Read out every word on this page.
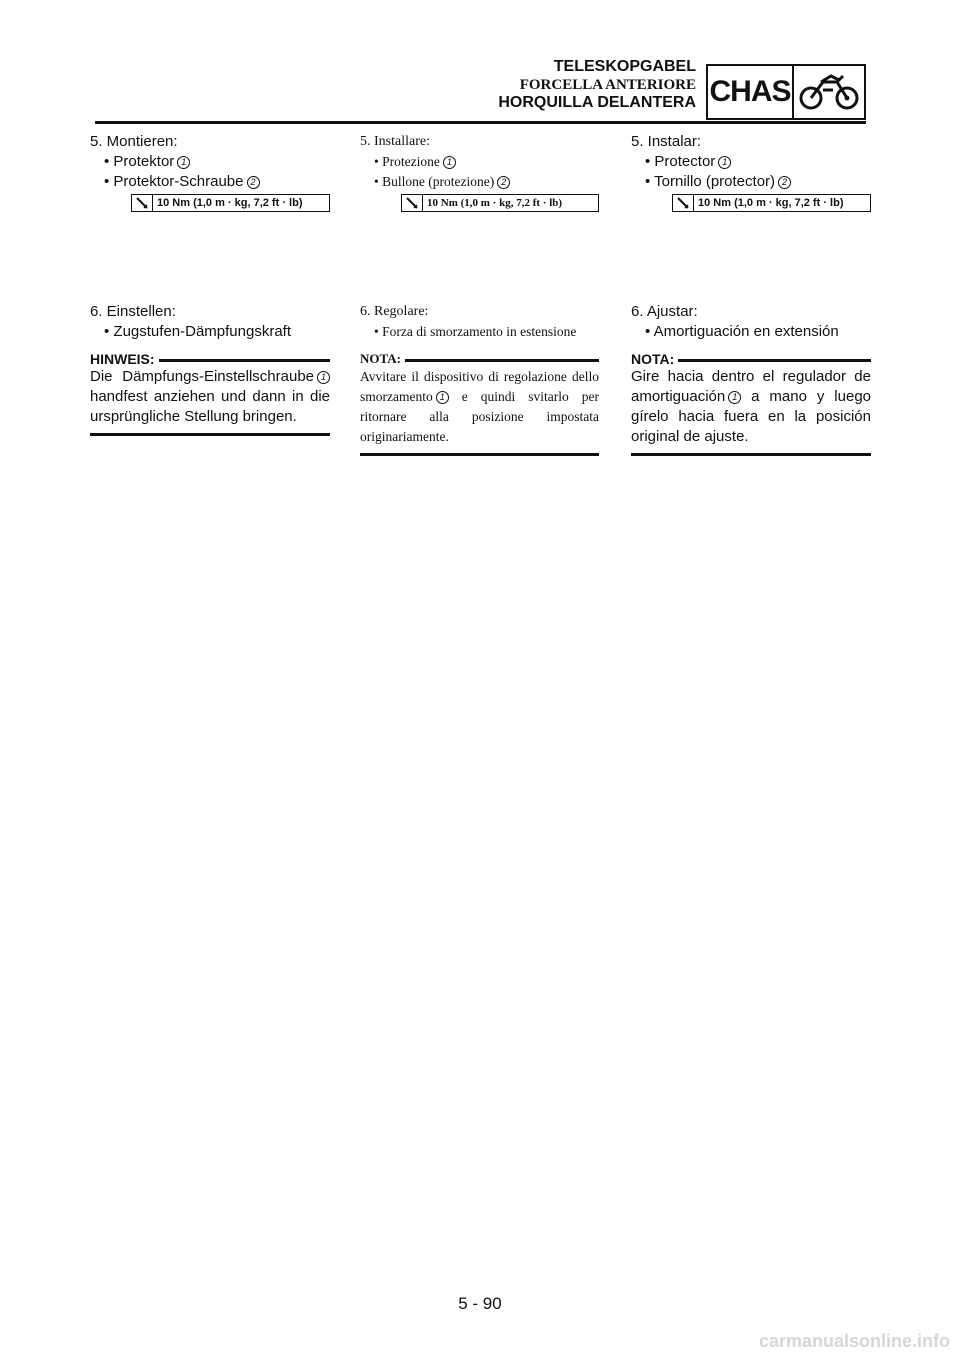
TELESKOPGABEL
FORCELLA ANTERIORE
HORQUILLA DELANTERA CHAS
5. Montieren:
• Protektor 1
• Protektor-Schraube 2
10 Nm (1,0 m · kg, 7,2 ft · lb)
6. Einstellen:
• Zugstufen-Dämpfungskraft
HINWEIS:
Die Dämpfungs-Einstellschraube 1 handfest anziehen und dann in die ursprüngliche Stellung bringen.
5. Installare:
• Protezione 1
• Bullone (protezione) 2
10 Nm (1,0 m · kg, 7,2 ft · lb)
6. Regolare:
• Forza di smorzamento in estensione
NOTA:
Avvitare il dispositivo di regolazione dello smorzamento 1 e quindi svitarlo per ritornare alla posizione impostata originariamente.
5. Instalar:
• Protector 1
• Tornillo (protector) 2
10 Nm (1,0 m · kg, 7,2 ft · lb)
6. Ajustar:
• Amortiguación en extensión
NOTA:
Gire hacia dentro el regulador de amortiguación 1 a mano y luego gírelo hacia fuera en la posición original de ajuste.
5 - 90
carmanualsonline.info
